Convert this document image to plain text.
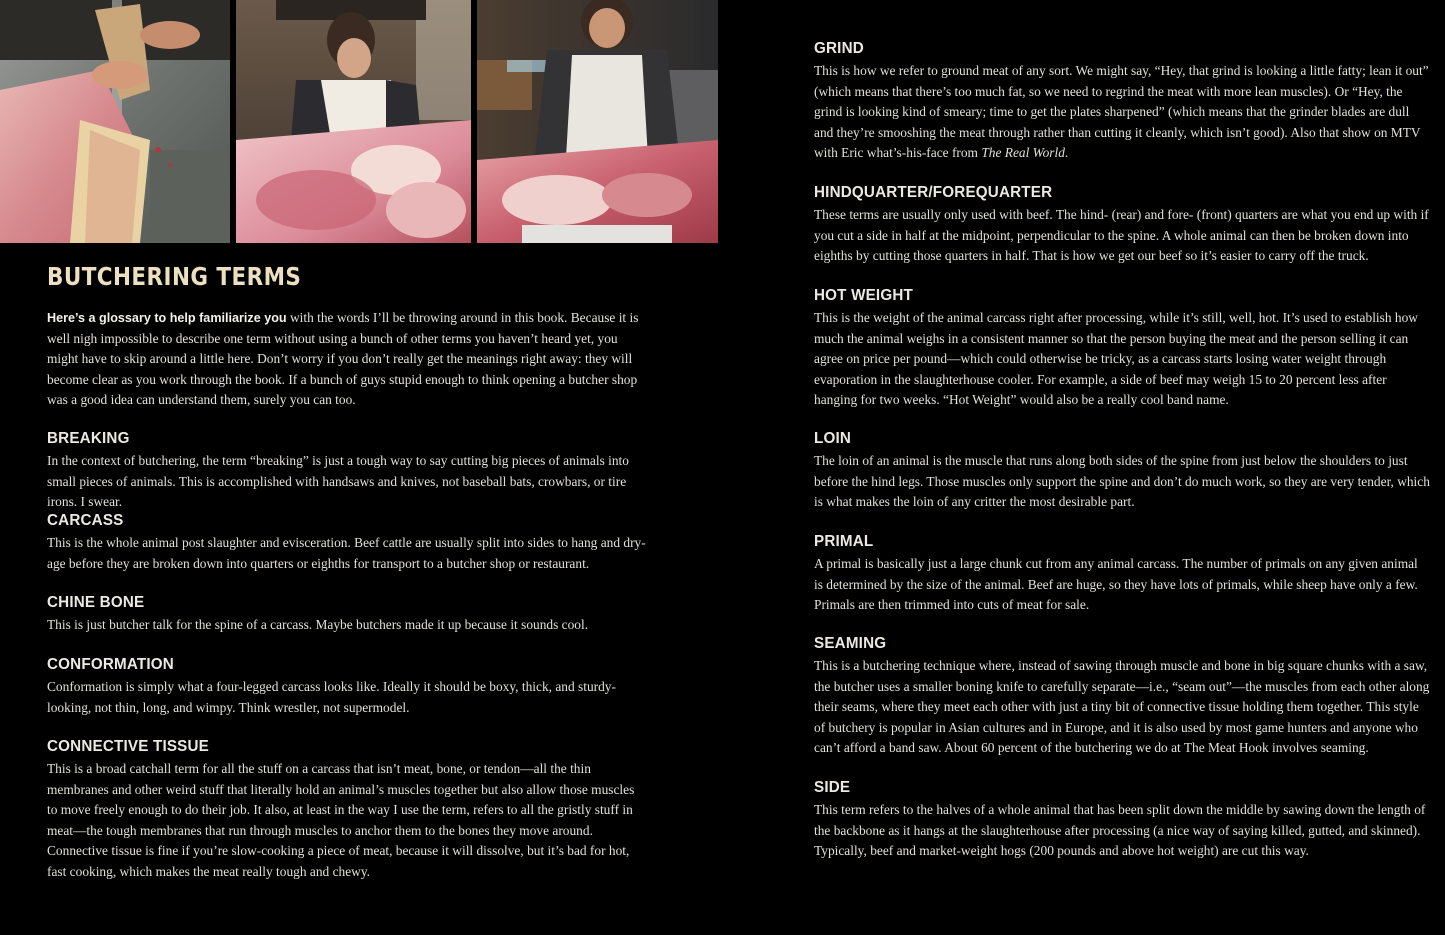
BUTCHERING TERMS

Here’s a glossary to help familiarize you with the words I’ll be throwing around in this book. Because it is well nigh impossible to describe one term without using a bunch of other terms you haven’t heard yet, you might have to skip around a little here. Don’t worry if you don’t really get the meanings right away: they will become clear as you work through the book. If a bunch of guys stupid enough to think opening a butcher shop was a good idea can understand them, surely you can too.

BREAKING

In the context of butchering, the term “breaking” is just a tough way to say cutting big pieces of animals into small pieces of animals. This is accomplished with handsaws and knives, not baseball bats, crowbars, or tire irons. I swear.

CARCASS

This is the whole animal post slaughter and evisceration. Beef cattle are usually split into sides to hang and dry-age before they are broken down into quarters or eighths for transport to a butcher shop or restaurant.

CHINE BONE

This is just butcher talk for the spine of a carcass. Maybe butchers made it up because it sounds cool.

CONFORMATION

Conformation is simply what a four-legged carcass looks like. Ideally it should be boxy, thick, and sturdy-looking, not thin, long, and wimpy. Think wrestler, not supermodel.

CONNECTIVE TISSUE

This is a broad catchall term for all the stuff on a carcass that isn’t meat, bone, or tendon—all the thin membranes and other weird stuff that literally hold an animal’s muscles together but also allow those muscles to move freely enough to do their job. It also, at least in the way I use the term, refers to all the gristly stuff in meat—the tough membranes that run through muscles to anchor them to the bones they move around. Connective tissue is fine if you’re slow-cooking a piece of meat, because it will dissolve, but it’s bad for hot, fast cooking, which makes the meat really tough and chewy.

GRIND

This is how we refer to ground meat of any sort. We might say, “Hey, that grind is looking a little fatty; lean it out” (which means that there’s too much fat, so we need to regrind the meat with more lean muscles). Or “Hey, the grind is looking kind of smeary; time to get the plates sharpened” (which means that the grinder blades are dull and they’re smooshing the meat through rather than cutting it cleanly, which isn’t good). Also that show on MTV with Eric what’s-his-face from The Real World.

HINDQUARTER/FOREQUARTER

These terms are usually only used with beef. The hind- (rear) and fore- (front) quarters are what you end up with if you cut a side in half at the midpoint, perpendicular to the spine. A whole animal can then be broken down into eighths by cutting those quarters in half. That is how we get our beef so it’s easier to carry off the truck.

HOT WEIGHT

This is the weight of the animal carcass right after processing, while it’s still, well, hot. It’s used to establish how much the animal weighs in a consistent manner so that the person buying the meat and the person selling it can agree on price per pound—which could otherwise be tricky, as a carcass starts losing water weight through evaporation in the slaughterhouse cooler. For example, a side of beef may weigh 15 to 20 percent less after hanging for two weeks. “Hot Weight” would also be a really cool band name.

LOIN

The loin of an animal is the muscle that runs along both sides of the spine from just below the shoulders to just before the hind legs. Those muscles only support the spine and don’t do much work, so they are very tender, which is what makes the loin of any critter the most desirable part.

PRIMAL

A primal is basically just a large chunk cut from any animal carcass. The number of primals on any given animal is determined by the size of the animal. Beef are huge, so they have lots of primals, while sheep have only a few. Primals are then trimmed into cuts of meat for sale.

SEAMING

This is a butchering technique where, instead of sawing through muscle and bone in big square chunks with a saw, the butcher uses a smaller boning knife to carefully separate—i.e., “seam out”—the muscles from each other along their seams, where they meet each other with just a tiny bit of connective tissue holding them together. This style of butchery is popular in Asian cultures and in Europe, and it is also used by most game hunters and anyone who can’t afford a band saw. About 60 percent of the butchering we do at The Meat Hook involves seaming.

SIDE

This term refers to the halves of a whole animal that has been split down the middle by sawing down the length of the backbone as it hangs at the slaughterhouse after processing (a nice way of saying killed, gutted, and skinned). Typically, beef and market-weight hogs (200 pounds and above hot weight) are cut this way.
